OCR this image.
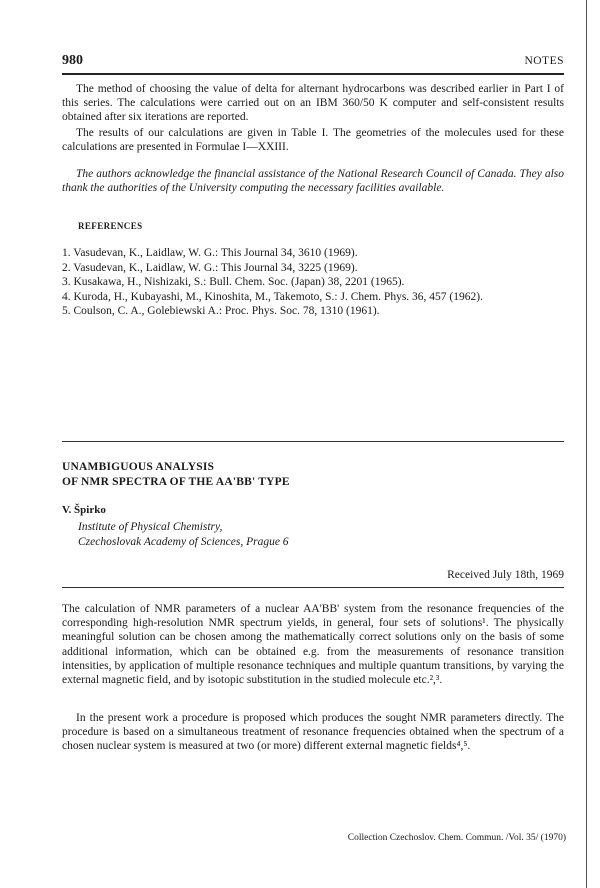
980	NOTES

The method of choosing the value of delta for alternant hydrocarbons was described earlier in Part I of this series. The calculations were carried out on an IBM 360/50 K computer and self-consistent results obtained after six iterations are reported.

The results of our calculations are given in Table I. The geometries of the molecules used for these calculations are presented in Formulae I—XXIII.

The authors acknowledge the financial assistance of the National Research Council of Canada. They also thank the authorities of the University computing the necessary facilities available.

REFERENCES

1. Vasudevan, K., Laidlaw, W. G.: This Journal 34, 3610 (1969).
2. Vasudevan, K., Laidlaw, W. G.: This Journal 34, 3225 (1969).
3. Kusakawa, H., Nishizaki, S.: Bull. Chem. Soc. (Japan) 38, 2201 (1965).
4. Kuroda, H., Kubayashi, M., Kinoshita, M., Takemoto, S.: J. Chem. Phys. 36, 457 (1962).
5. Coulson, C. A., Golebiewski A.: Proc. Phys. Soc. 78, 1310 (1961).
UNAMBIGUOUS ANALYSIS
OF NMR SPECTRA OF THE AA'BB' TYPE

V. Špirko

Institute of Physical Chemistry,
Czechoslovak Academy of Sciences, Prague 6

Received July 18th, 1969

The calculation of NMR parameters of a nuclear AA'BB' system from the resonance frequencies of the corresponding high-resolution NMR spectrum yields, in general, four sets of solutions¹. The physically meaningful solution can be chosen among the mathematically correct solutions only on the basis of some additional information, which can be obtained e.g. from the measurements of resonance transition intensities, by application of multiple resonance techniques and multiple quantum transitions, by varying the external magnetic field, and by isotopic substitution in the studied molecule etc.²,³.

In the present work a procedure is proposed which produces the sought NMR parameters directly. The procedure is based on a simultaneous treatment of resonance frequencies obtained when the spectrum of a chosen nuclear system is measured at two (or more) different external magnetic fields⁴,⁵.

Collection Czechoslov. Chem. Commun. /Vol. 35/ (1970)
